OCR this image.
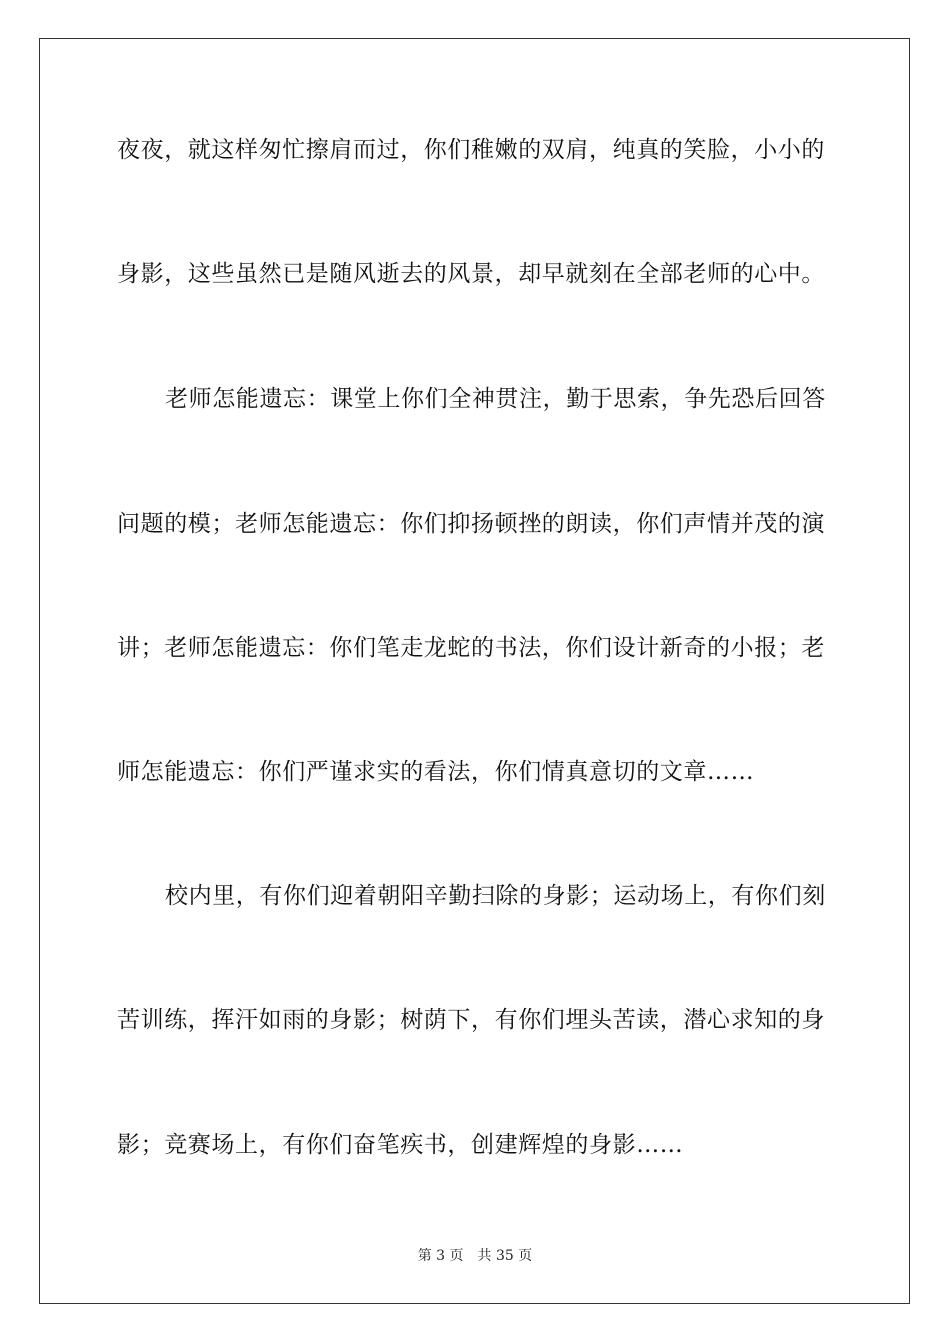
夜夜，就这样匆忙擦肩而过，你们稚嫩的双肩，纯真的笑脸，小小的
身影，这些虽然已是随风逝去的风景，却早就刻在全部老师的心中。
老师怎能遗忘：课堂上你们全神贯注，勤于思索，争先恐后回答
问题的模；老师怎能遗忘：你们抑扬顿挫的朗读，你们声情并茂的演
讲；老师怎能遗忘：你们笔走龙蛇的书法，你们设计新奇的小报；老
师怎能遗忘：你们严谨求实的看法，你们情真意切的文章……
校内里，有你们迎着朝阳辛勤扫除的身影；运动场上，有你们刻
苦训练，挥汗如雨的身影；树荫下，有你们埋头苦读，潜心求知的身
影；竞赛场上，有你们奋笔疾书，创建辉煌的身影……
第 3 页 共 35 页
